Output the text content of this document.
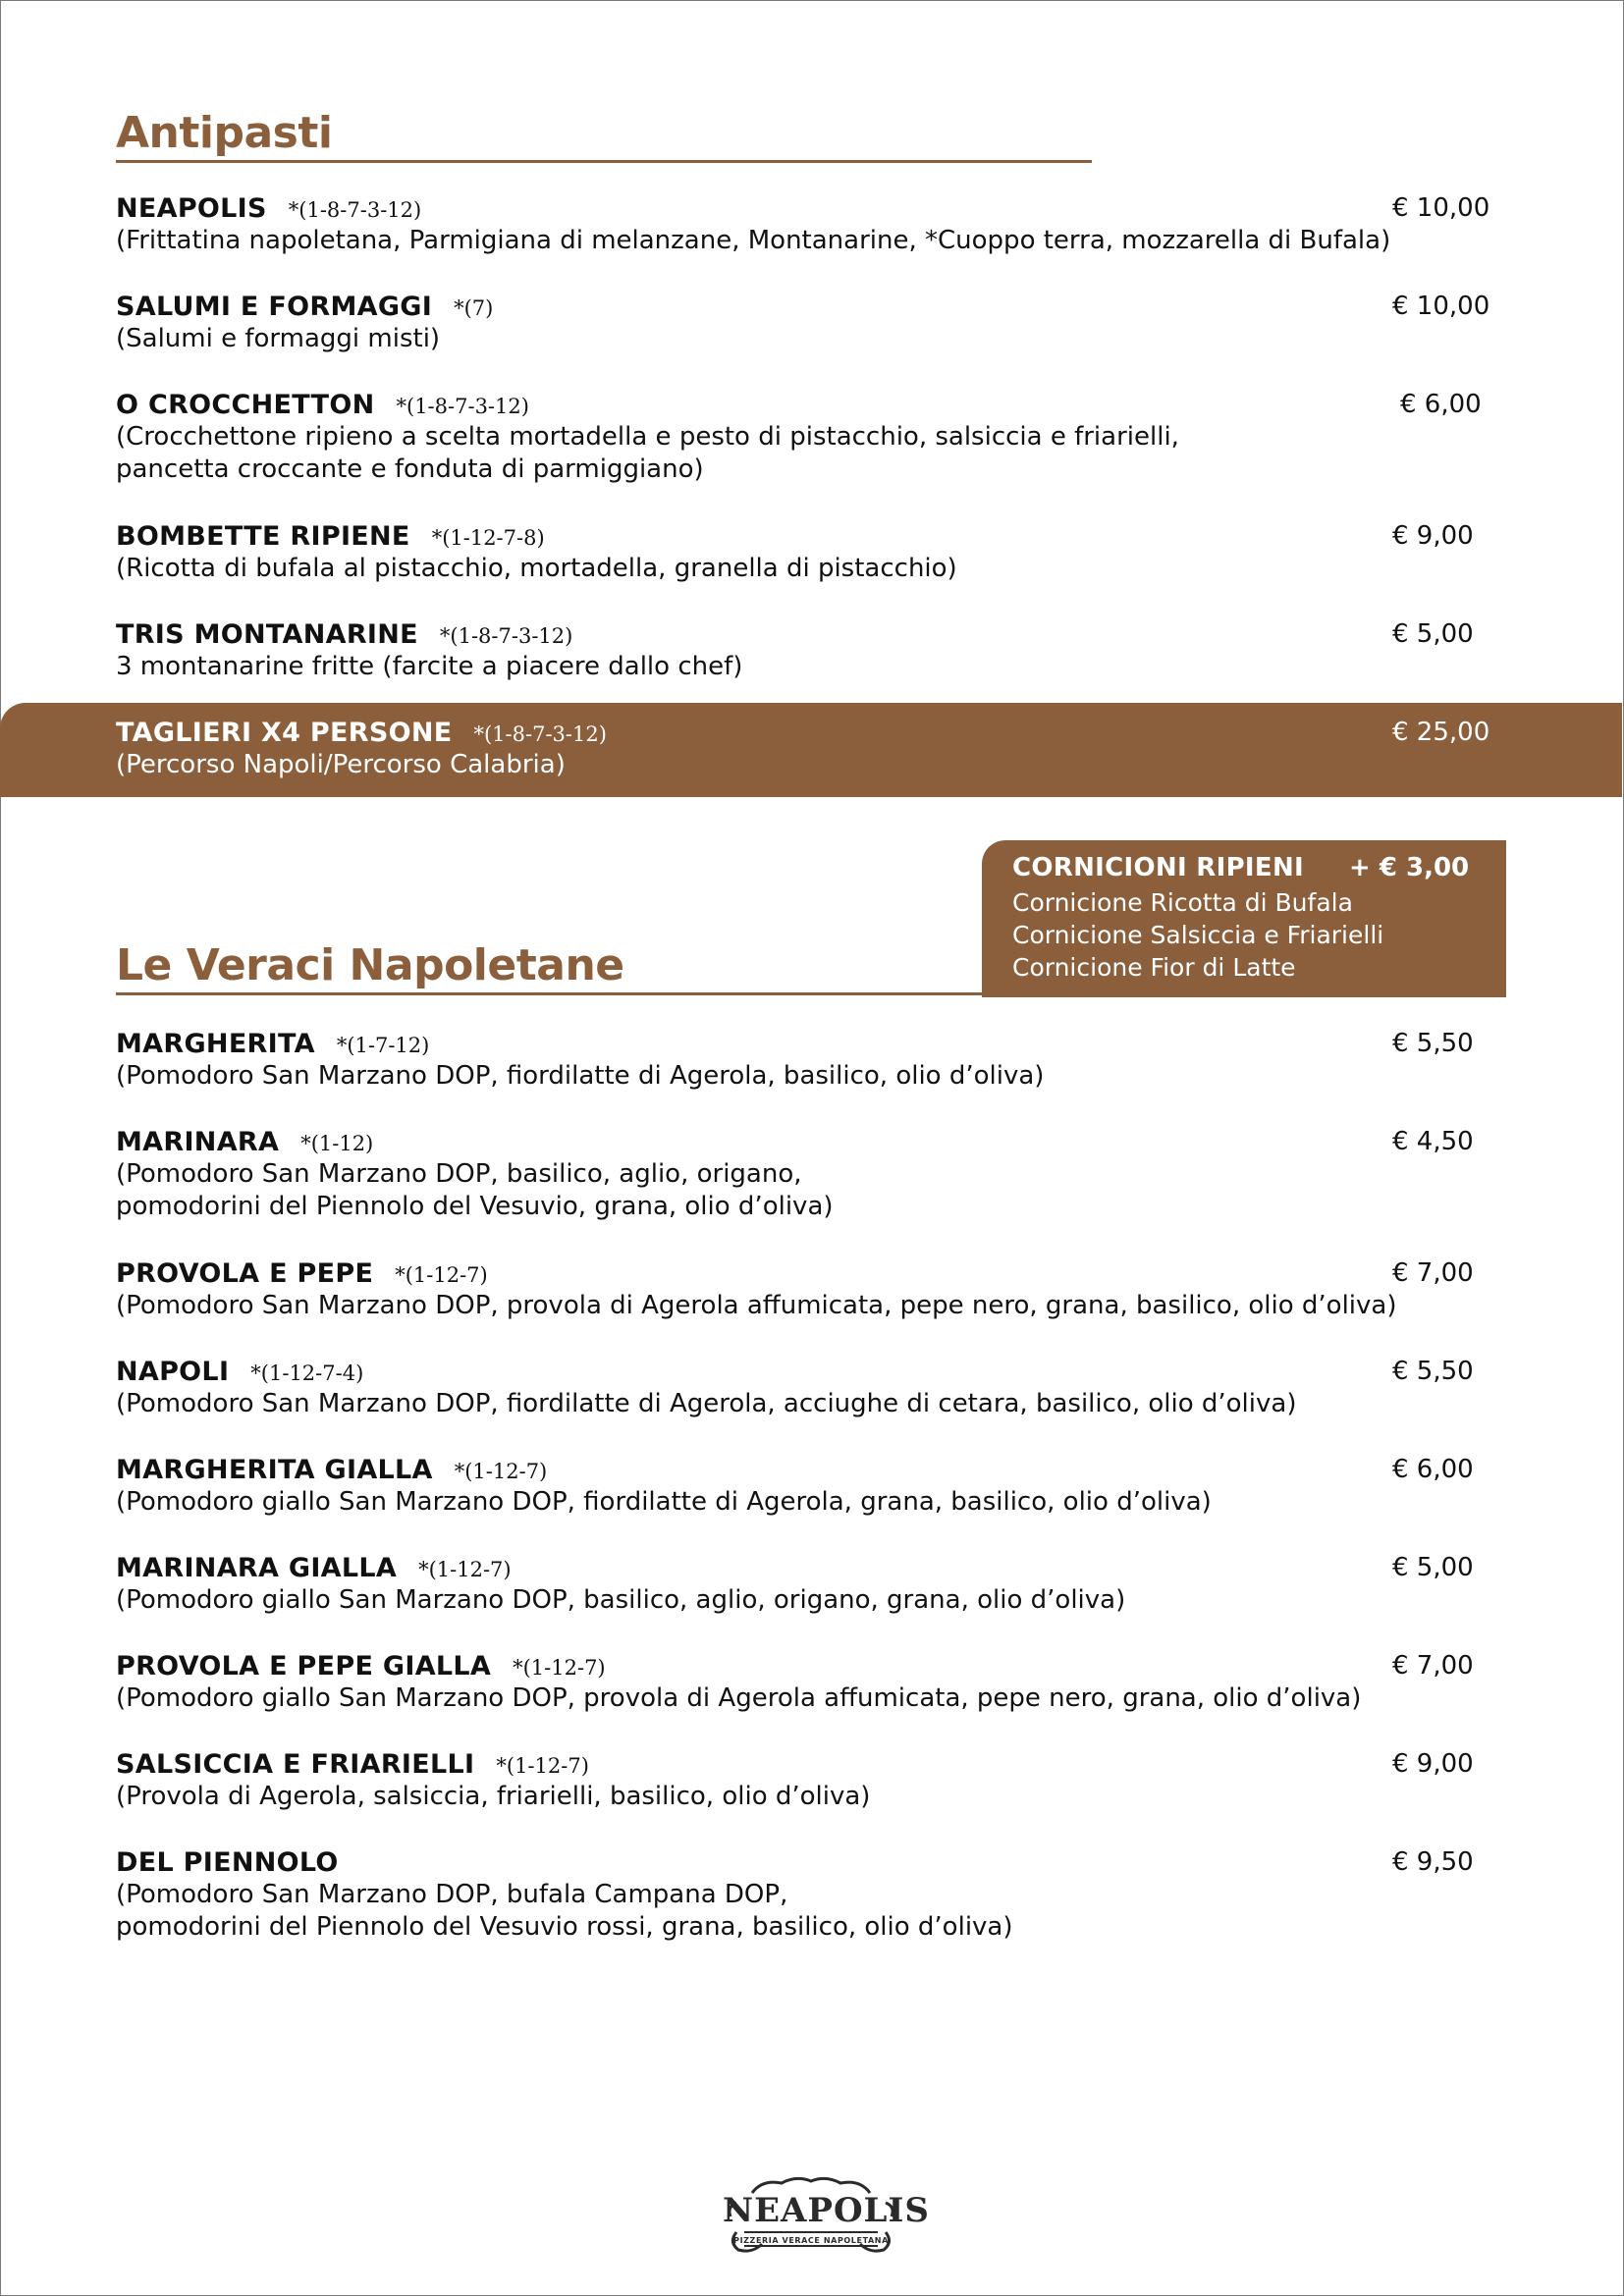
Antipasti
NEAPOLIS *(1-8-7-3-12)
(Frittatina napoletana, Parmigiana di melanzane, Montanarine, *Cuoppo terra, mozzarella di Bufala)
€ 10,00
SALUMI E FORMAGGI *(7)
(Salumi e formaggi misti)
€ 10,00
O CROCCHETTON *(1-8-7-3-12)
(Crocchettone ripieno a scelta mortadella e pesto di pistacchio, salsiccia e friarielli,
pancetta croccante e fonduta di parmiggiano)
€ 6,00
BOMBETTE RIPIENE *(1-12-7-8)
(Ricotta di bufala al pistacchio, mortadella, granella di pistacchio)
€ 9,00
TRIS MONTANARINE *(1-8-7-3-12)
3 montanarine fritte (farcite a piacere dallo chef)
€ 5,00
TAGLIERI X4 PERSONE *(1-8-7-3-12)
(Percorso Napoli/Percorso Calabria)
€ 25,00
CORNICIONI RIPIENI + € 3,00
Cornicione Ricotta di Bufala
Cornicione Salsiccia e Friarielli
Cornicione Fior di Latte
Le Veraci Napoletane
MARGHERITA *(1-7-12)
(Pomodoro San Marzano DOP, fiordilatte di Agerola, basilico, olio d’oliva)
€ 5,50
MARINARA *(1-12)
(Pomodoro San Marzano DOP, basilico, aglio, origano,
pomodorini del Piennolo del Vesuvio, grana, olio d’oliva)
€ 4,50
PROVOLA E PEPE *(1-12-7)
(Pomodoro San Marzano DOP, provola di Agerola affumicata, pepe nero, grana, basilico, olio d’oliva)
€ 7,00
NAPOLI *(1-12-7-4)
(Pomodoro San Marzano DOP, fiordilatte di Agerola, acciughe di cetara, basilico, olio d’oliva)
€ 5,50
MARGHERITA GIALLA *(1-12-7)
(Pomodoro giallo San Marzano DOP, fiordilatte di Agerola, grana, basilico, olio d’oliva)
€ 6,00
MARINARA GIALLA *(1-12-7)
(Pomodoro giallo San Marzano DOP, basilico, aglio, origano, grana, olio d’oliva)
€ 5,00
PROVOLA E PEPE GIALLA *(1-12-7)
(Pomodoro giallo San Marzano DOP, provola di Agerola affumicata, pepe nero, grana, olio d’oliva)
€ 7,00
SALSICCIA E FRIARIELLI *(1-12-7)
(Provola di Agerola, salsiccia, friarielli, basilico, olio d’oliva)
€ 9,00
DEL PIENNOLO
(Pomodoro San Marzano DOP, bufala Campana DOP,
pomodorini del Piennolo del Vesuvio rossi, grana, basilico, olio d’oliva)
€ 9,50
NEAPOLIS
PIZZERIA VERACE NAPOLETANA
